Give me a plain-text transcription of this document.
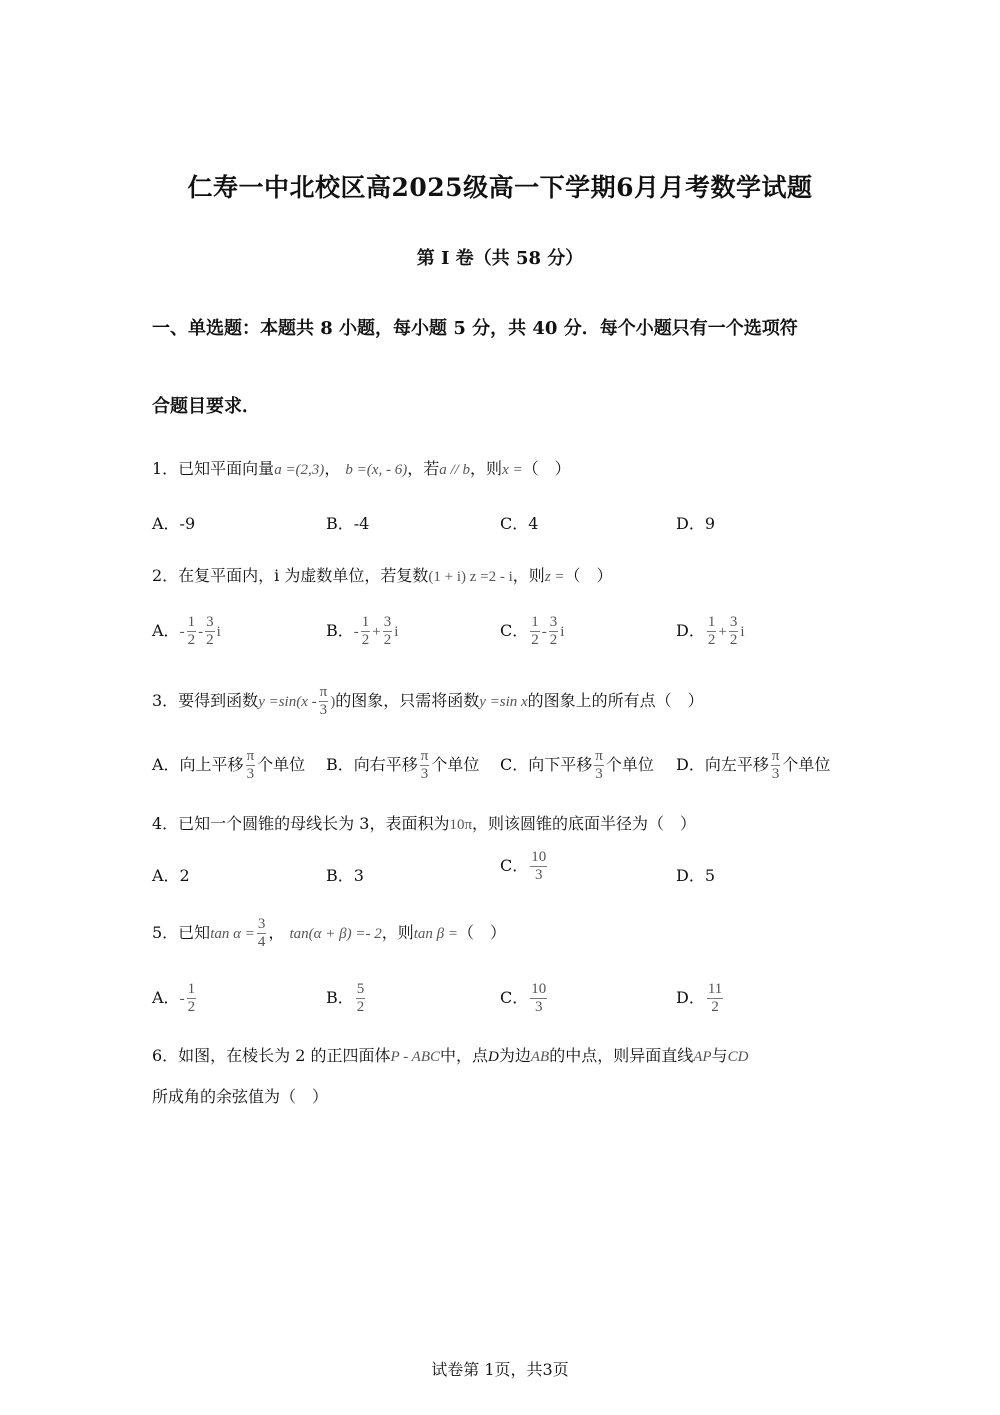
仁寿一中北校区高2025级高一下学期6月月考数学试题
第 I 卷（共 58 分）
一、单选题：本题共 8 小题，每小题 5 分，共 40 分．每个小题只有一个选项符
合题目要求．
1．已知平面向量a =(2,3)， b =(x, - 6)，若a // b，则x =（　）
A．-9	B．-4	C．4	D．9
2．在复平面内，i 为虚数单位，若复数(1 + i) z =2 - i，则z =（　）
A．- $\frac{1}{2} - \frac{3}{2}$ i	B．- $\frac{1}{2} + \frac{3}{2}$ i	C． $\frac{1}{2} - \frac{3}{2}$ i	D． $\frac{1}{2} + \frac{3}{2}$ i
3．要得到函数$y =\sin(x - \frac{\pi}{3}$ )的图象，只需将函数y =sin x的图象上的所有点（　）
A．向上平移 $\frac{\pi}{3}$ 个单位 B．向右平移 $\frac{\pi}{3}$ 个单位 C．向下平移 $\frac{\pi}{3}$ 个单位 D．向左平移 $\frac{\pi}{3}$ 个单位
4．已知一个圆锥的母线长为 3，表面积为10π，则该圆锥的底面半径为（　）
A．2	B．3
C． $\frac{10}{3}$	D．5
5．已知$\tan \alpha = \frac{3}{4}$ ， tan(α + β) =- 2，则tan β =（　）
A．- $\frac{1}{2}$	B． $\frac{5}{2}$	C． $\frac{10}{3}$	D． $\frac{11}{2}$
6．如图，在棱长为 2 的正四面体P - ABC中，点D为边AB的中点，则异面直线AP与CD
所成角的余弦值为（　）
试卷第 1页，共3页
